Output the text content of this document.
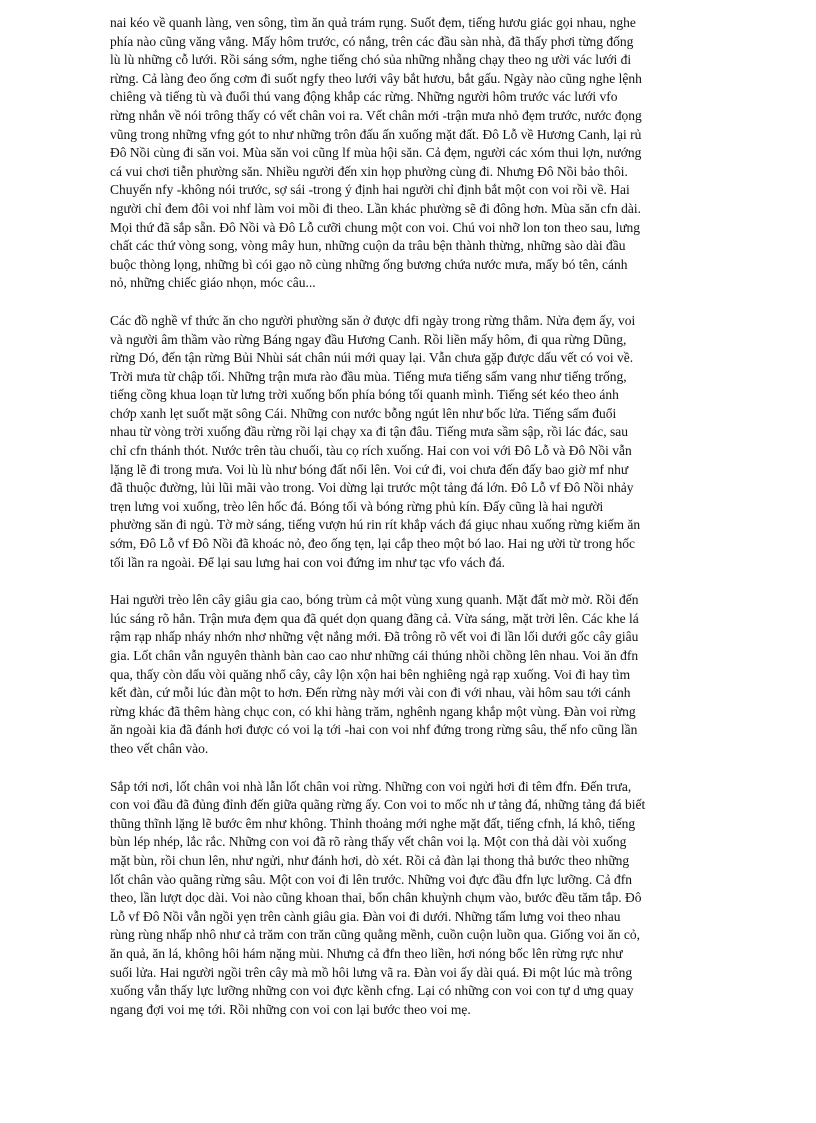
nai kéo về quanh làng, ven sông, tìm ăn quả trám rụng. Suốt đẹm, tiếng hươu giác gọi nhau, nghe
phía nào cũng văng vẳng. Mấy hôm trước, có nắng, trên các đầu sàn nhà, đã thấy phơi từng đống
lù lù những cỗ lưới. Rồi sáng sớm, nghe tiếng chó sủa những nhẵng chạy theo ng ười vác lưới đi
rừng. Cả làng đeo ống cơm đi suốt ngfy theo lưới vây bắt hươu, bắt gấu. Ngày nào cũng nghe lệnh
chiêng và tiếng tù và đuổi thú vang động khắp các rừng. Những người hôm trước vác lưới vfo
rừng nhắn về nói trông thấy có vết chân voi ra. Vết chân mới -trận mưa nhỏ đẹm trước, nước đọng
vũng trong những vfng gót to như những trôn đấu ấn xuống mặt đất. Đô Lỗ về Hương Canh, lại rủ
Đô Nồi cùng đi săn voi. Mùa săn voi cũng lf mùa hội săn. Cả đẹm, người các xóm thui lợn, nướng
cá vui chơi tiễn phường săn. Nhiều người đến xin họp phường cùng đi. Nhưng Đô Nồi bảo thôi.
Chuyến nfy -không nói trước, sợ sái -trong ý định hai người chỉ định bắt một con voi rồi về. Hai
người chỉ đem đôi voi nhf làm voi mồi đi theo. Lần khác phường sẽ đi đông hơn. Mùa săn cfn dài.
Mọi thứ đã sắp sẵn. Đô Nồi và Đô Lỗ cưỡi chung một con voi. Chú voi nhỡ lon ton theo sau, lưng
chất các thứ vòng song, vòng mây hun, những cuộn da trâu bện thành thừng, những sào dài đầu
buộc thòng lọng, những bì cói gạo nõ cùng những ống bương chứa nước mưa, mấy bó tên, cánh
nỏ, những chiếc giáo nhọn, móc câu...

Các đồ nghề vf thức ăn cho người phường săn ở được dfi ngày trong rừng thẳm. Nửa đẹm ấy, voi
và người âm thầm vào rừng Báng ngay đầu Hương Canh. Rồi liền mấy hôm, đi qua rừng Dũng,
rừng Dó, đến tận rừng Bủi Nhùi sát chân núi mới quay lại. Vẫn chưa gặp được dấu vết có voi về.
Trời mưa từ chập tối. Những trận mưa rào đầu mùa. Tiếng mưa tiếng sấm vang như tiếng trống,
tiếng cồng khua loạn từ lưng trời xuống bốn phía bóng tối quanh mình. Tiếng sét kéo theo ánh
chớp xanh lẹt suốt mặt sông Cái. Những con nước bỗng ngút lên như bốc lửa. Tiếng sấm đuổi
nhau từ vòng trời xuống đầu rừng rồi lại chạy xa đi tận đâu. Tiếng mưa sầm sập, rồi lác đác, sau
chỉ cfn thánh thót. Nước trên tàu chuối, tàu cọ rích xuống. Hai con voi với Đô Lỗ và Đô Nồi vẫn
lặng lẽ đi trong mưa. Voi lù lù như bóng đất nổi lên. Voi cứ đi, voi chưa đến đấy bao giờ mf như
đã thuộc đường, lủi lũi mãi vào trong. Voi dừng lại trước một tảng đá lớn. Đô Lỗ vf Đô Nồi nhảy
trẹn lưng voi xuống, trèo lên hốc đá. Bóng tối và bóng rừng phủ kín. Đấy cũng là hai người
phường săn đi ngủ. Tờ mờ sáng, tiếng vượn hú rin rít khắp vách đá giục nhau xuống rừng kiếm ăn
sớm, Đô Lỗ vf Đô Nồi đã khoác nỏ, đeo ống tẹn, lại cắp theo một bó lao. Hai ng ười từ trong hốc
tối lần ra ngoài. Để lại sau lưng hai con voi đứng im như tạc vfo vách đá.

Hai người trèo lên cây giâu gia cao, bóng trùm cả một vùng xung quanh. Mặt đất mờ mờ. Rồi đến
lúc sáng rõ hẳn. Trận mưa đẹm qua đã quét dọn quang đãng cả. Vừa sáng, mặt trời lên. Các khe lá
rậm rạp nhấp nháy nhớn nhơ những vệt nắng mới. Đã trông rõ vết voi đi lần lối dưới gốc cây giâu
gia. Lốt chân vẫn nguyên thành bàn cao cao như những cái thúng nhồi chồng lên nhau. Voi ăn đfn
qua, thấy còn dấu vòi quăng nhổ cây, cây lộn xộn hai bên nghiêng ngả rạp xuống. Voi đi hay tìm
kết đàn, cứ mỗi lúc đàn một to hơn. Đến rừng này mới vài con đi với nhau, vài hôm sau tới cánh
rừng khác đã thêm hàng chục con, có khi hàng trăm, nghênh ngang khắp một vùng. Đàn voi rừng
ăn ngoài kia đã đánh hơi được có voi lạ tới -hai con voi nhf đứng trong rừng sâu, thế nfo cũng lần
theo vết chân vào.

Sắp tới nơi, lốt chân voi nhà lẫn lốt chân voi rừng. Những con voi ngửi hơi đi têm đfn. Đến trưa,
con voi đầu đã đủng đỉnh đến giữa quãng rừng ấy. Con voi to mốc nh ư tảng đá, những tảng đá biết
thũng thĩnh lặng lẽ bước êm như không. Thỉnh thoảng mới nghe mặt đất, tiếng cfnh, lá khô, tiếng
bùn lép nhép, lắc rắc. Những con voi đã rõ ràng thấy vết chân voi lạ. Một con thả dài vòi xuống
mặt bùn, rồi chun lên, như ngửi, như đánh hơi, dò xét. Rồi cả đàn lại thong thả bước theo những
lốt chân vào quãng rừng sâu. Một con voi đi lên trước. Những voi đực đầu đfn lực lưỡng. Cả đfn
theo, lần lượt dọc dài. Voi nào cũng khoan thai, bốn chân khuỳnh chụm vào, bước đều tăm tắp. Đô
Lỗ vf Đô Nồi vẫn ngồi yẹn trên cành giâu gia. Đàn voi đi dưới. Những tấm lưng voi theo nhau
rùng rùng nhấp nhô như cả trăm con trăn cũng quằng mềnh, cuồn cuộn luồn qua. Giống voi ăn cỏ,
ăn quả, ăn lá, không hôi hám nặng mùi. Nhưng cả đfn theo liền, hơi nóng bốc lên rừng rực như
suối lửa. Hai người ngồi trên cây mà mồ hôi lưng vã ra. Đàn voi ấy dài quá. Đi một lúc mà trông
xuống vẫn thấy lực lưỡng những con voi đực kềnh cfng. Lại có những con voi con tự d ưng quay
ngang đợi voi mẹ tới. Rồi những con voi con lại bước theo voi mẹ.
